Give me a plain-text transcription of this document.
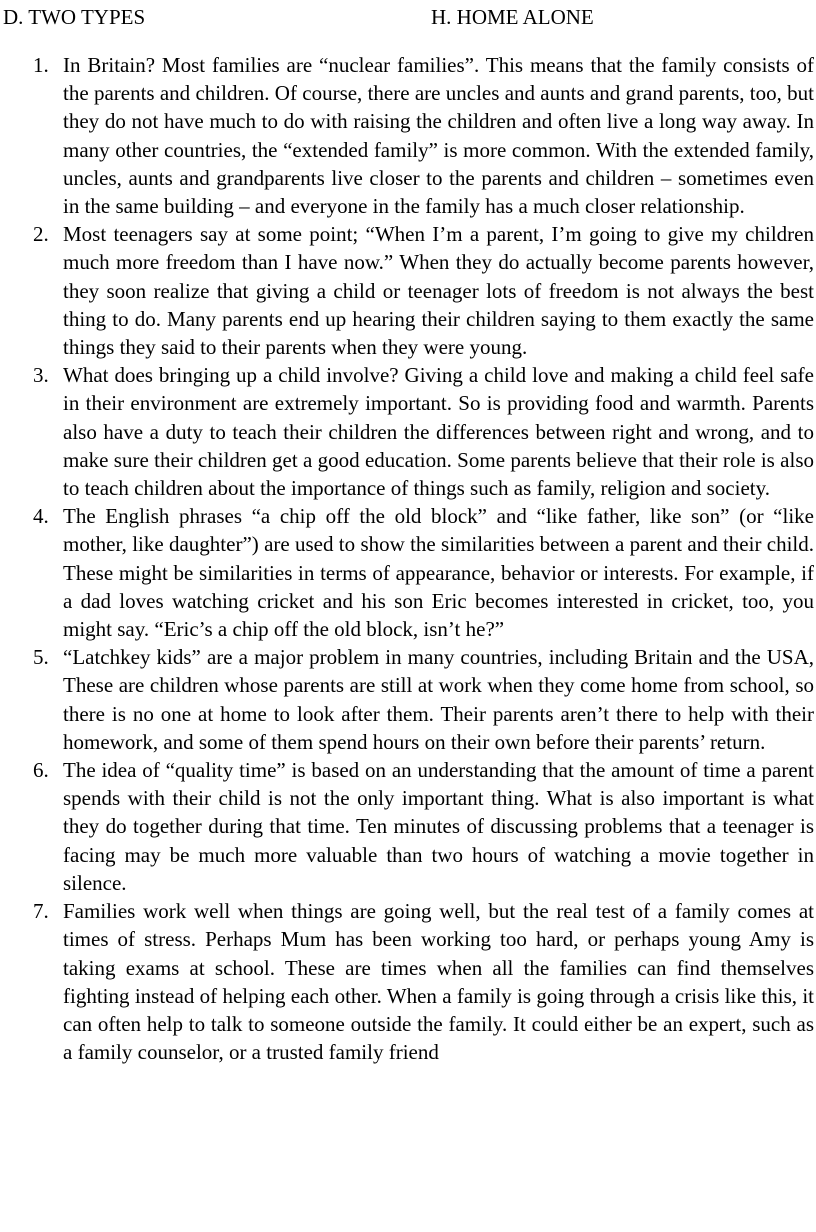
D. TWO TYPES	H. HOME ALONE
1. In Britain? Most families are “nuclear families”. This means that the family consists of the parents and children. Of course, there are uncles and aunts and grand parents, too, but they do not have much to do with raising the children and often live a long way away. In many other countries, the “extended family” is more common. With the extended family, uncles, aunts and grandparents live closer to the parents and children – sometimes even in the same building – and everyone in the family has a much closer relationship.
2. Most teenagers say at some point; “When I’m a parent, I’m going to give my children much more freedom than I have now.” When they do actually become parents however, they soon realize that giving a child or teenager lots of freedom is not always the best thing to do. Many parents end up hearing their children saying to them exactly the same things they said to their parents when they were young.
3. What does bringing up a child involve? Giving a child love and making a child feel safe in their environment are extremely important. So is providing food and warmth. Parents also have a duty to teach their children the differences between right and wrong, and to make sure their children get a good education. Some parents believe that their role is also to teach children about the importance of things such as family, religion and society.
4. The English phrases “a chip off the old block” and “like father, like son” (or “like mother, like daughter”) are used to show the similarities between a parent and their child. These might be similarities in terms of appearance, behavior or interests. For example, if a dad loves watching cricket and his son Eric becomes interested in cricket, too, you might say. “Eric’s a chip off the old block, isn’t he?”
5. “Latchkey kids” are a major problem in many countries, including Britain and the USA, These are children whose parents are still at work when they come home from school, so there is no one at home to look after them. Their parents aren’t there to help with their homework, and some of them spend hours on their own before their parents’ return.
6. The idea of “quality time” is based on an understanding that the amount of time a parent spends with their child is not the only important thing. What is also important is what they do together during that time. Ten minutes of discussing problems that a teenager is facing may be much more valuable than two hours of watching a movie together in silence.
7. Families work well when things are going well, but the real test of a family comes at times of stress. Perhaps Mum has been working too hard, or perhaps young Amy is taking exams at school. These are times when all the families can find themselves fighting instead of helping each other. When a family is going through a crisis like this, it can often help to talk to someone outside the family. It could either be an expert, such as a family counselor, or a trusted family friend
